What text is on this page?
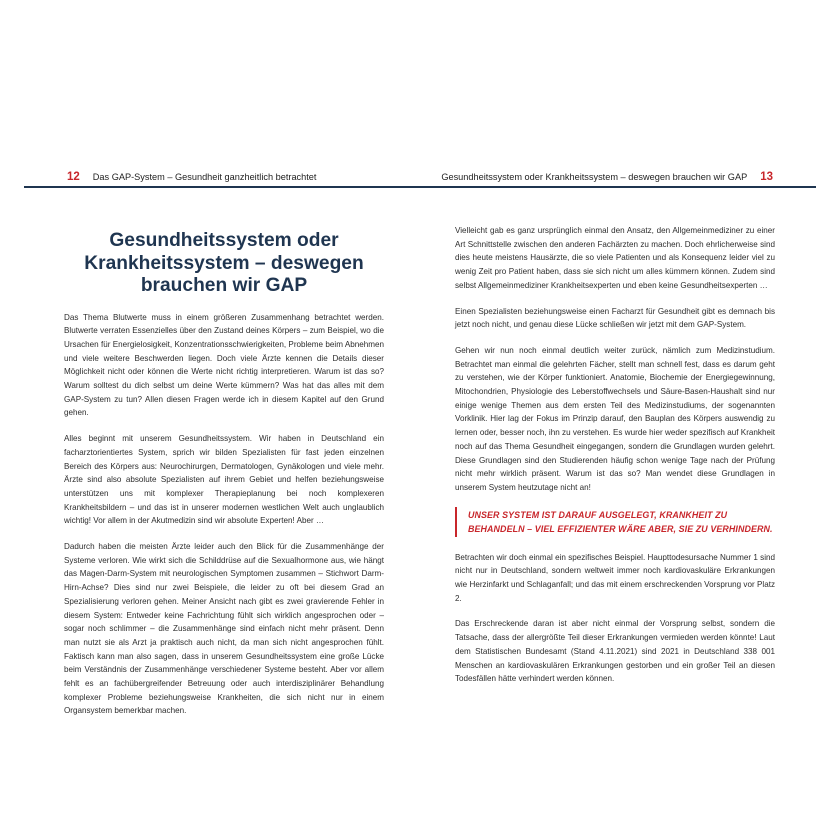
12 Das GAP-System – Gesundheit ganzheitlich betrachtet	Gesundheitssystem oder Krankheitssystem – deswegen brauchen wir GAP 13
Gesundheitssystem oder
Krankheitssystem – deswegen
brauchen wir GAP

Das Thema Blutwerte muss in einem größeren Zusammenhang betrachtet werden. Blutwerte verraten Essenzielles über den Zustand deines Körpers – zum Beispiel, wo die Ursachen für Energielosigkeit, Konzentrationsschwierigkeiten, Probleme beim Abnehmen und viele weitere Beschwerden liegen. Doch viele Ärzte kennen die Details dieser Möglichkeit nicht oder können die Werte nicht richtig interpretieren. Warum ist das so? Warum solltest du dich selbst um deine Werte kümmern? Was hat das alles mit dem GAP-System zu tun? Allen diesen Fragen werde ich in diesem Kapitel auf den Grund gehen.

Alles beginnt mit unserem Gesundheitssystem. Wir haben in Deutschland ein facharztorientiertes System, sprich wir bilden Spezialisten für fast jeden einzelnen Bereich des Körpers aus: Neurochirurgen, Dermatologen, Gynäkologen und viele mehr. Ärzte sind also absolute Spezialisten auf ihrem Gebiet und helfen beziehungsweise unterstützen uns mit komplexer Therapieplanung bei noch komplexeren Krankheitsbildern – und das ist in unserer modernen westlichen Welt auch unglaublich wichtig! Vor allem in der Akutmedizin sind wir absolute Experten! Aber …

Dadurch haben die meisten Ärzte leider auch den Blick für die Zusammenhänge der Systeme verloren. Wie wirkt sich die Schilddrüse auf die Sexualhormone aus, wie hängt das Magen-Darm-System mit neurologischen Symptomen zusammen – Stichwort Darm-Hirn-Achse? Dies sind nur zwei Beispiele, die leider zu oft bei diesem Grad an Spezialisierung verloren gehen. Meiner Ansicht nach gibt es zwei gravierende Fehler in diesem System: Entweder keine Fachrichtung fühlt sich wirklich angesprochen oder – sogar noch schlimmer – die Zusammenhänge sind einfach nicht mehr präsent. Denn man nutzt sie als Arzt ja praktisch auch nicht, da man sich nicht angesprochen fühlt. Faktisch kann man also sagen, dass in unserem Gesundheitssystem eine große Lücke beim Verständnis der Zusammenhänge verschiedener Systeme besteht. Aber vor allem fehlt es an fachübergreifender Betreuung oder auch interdisziplinärer Behandlung komplexer Probleme beziehungsweise Krankheiten, die sich nicht nur in einem Organsystem bemerkbar machen.

Vielleicht gab es ganz ursprünglich einmal den Ansatz, den Allgemeinmediziner zu einer Art Schnittstelle zwischen den anderen Fachärzten zu machen. Doch ehrlicherweise sind dies heute meistens Hausärzte, die so viele Patienten und als Konsequenz leider viel zu wenig Zeit pro Patient haben, dass sie sich nicht um alles kümmern können. Zudem sind selbst Allgemeinmediziner Krankheitsexperten und eben keine Gesundheitsexperten …

Einen Spezialisten beziehungsweise einen Facharzt für Gesundheit gibt es demnach bis jetzt noch nicht, und genau diese Lücke schließen wir jetzt mit dem GAP-System.

Gehen wir nun noch einmal deutlich weiter zurück, nämlich zum Medizinstudium. Betrachtet man einmal die gelehrten Fächer, stellt man schnell fest, dass es darum geht zu verstehen, wie der Körper funktioniert. Anatomie, Biochemie der Energiegewinnung, Mitochondrien, Physiologie des Leberstoffwechsels und Säure-Basen-Haushalt sind nur einige wenige Themen aus dem ersten Teil des Medizinstudiums, der sogenannten Vorklinik. Hier lag der Fokus im Prinzip darauf, den Bauplan des Körpers auswendig zu lernen oder, besser noch, ihn zu verstehen. Es wurde hier weder spezifisch auf Krankheit noch auf das Thema Gesundheit eingegangen, sondern die Grundlagen wurden gelehrt. Diese Grundlagen sind den Studierenden häufig schon wenige Tage nach der Prüfung nicht mehr wirklich präsent. Warum ist das so? Man wendet diese Grundlagen in unserem System heutzutage nicht an!

UNSER SYSTEM IST DARAUF AUSGELEGT, KRANKHEIT ZU BEHANDELN – VIEL EFFIZIENTER WÄRE ABER, SIE ZU VERHINDERN.

Betrachten wir doch einmal ein spezifisches Beispiel. Haupttodesursache Nummer 1 sind nicht nur in Deutschland, sondern weltweit immer noch kardiovaskuläre Erkrankungen wie Herzinfarkt und Schlaganfall; und das mit einem erschreckenden Vorsprung vor Platz 2.

Das Erschreckende daran ist aber nicht einmal der Vorsprung selbst, sondern die Tatsache, dass der allergrößte Teil dieser Erkrankungen vermieden werden könnte! Laut dem Statistischen Bundesamt (Stand 4.11.2021) sind 2021 in Deutschland 338 001 Menschen an kardiovaskulären Erkrankungen gestorben und ein großer Teil an diesen Todesfällen hätte verhindert werden können.
